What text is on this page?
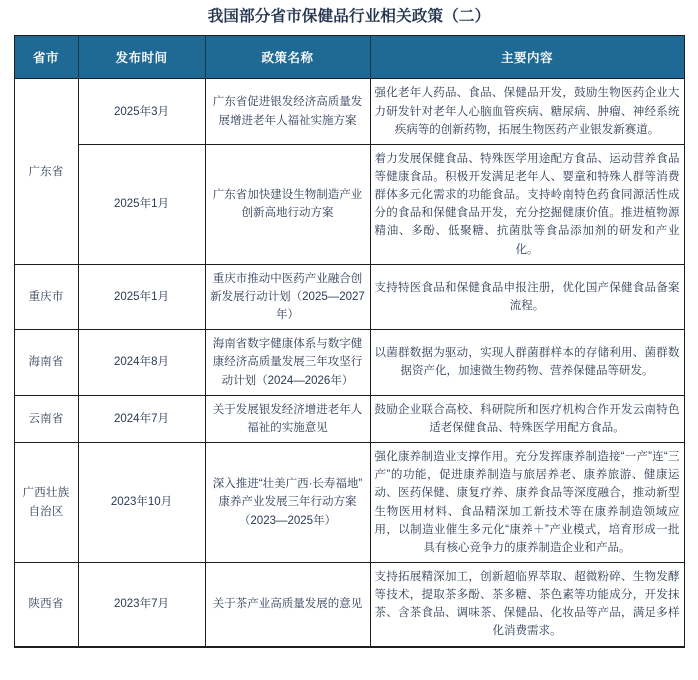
我国部分省市保健品行业相关政策（二）
省市	发布时间	政策名称	主要内容
广东省	2025年3月	广东省促进银发经济高质量发展增进老年人福祉实施方案	强化老年人药品、食品、保健品开发，鼓励生物医药企业大力研发针对老年人心脑血管疾病、糖尿病、肿瘤、神经系统疾病等的创新药物，拓展生物医药产业银发新赛道。
	2025年1月	广东省加快建设生物制造产业创新高地行动方案	着力发展保健食品、特殊医学用途配方食品、运动营养食品等健康食品。积极开发满足老年人、婴童和特殊人群等消费群体多元化需求的功能食品。支持岭南特色药食同源活性成分的食品和保健食品开发，充分挖掘健康价值。推进植物源精油、多酚、低聚糖、抗菌肽等食品添加剂的研发和产业化。
重庆市	2025年1月	重庆市推动中医药产业融合创新发展行动计划（2025—2027年）	支持特医食品和保健食品申报注册，优化国产保健食品备案流程。
海南省	2024年8月	海南省数字健康体系与数字健康经济高质量发展三年攻坚行动计划（2024—2026年）	以菌群数据为驱动，实现人群菌群样本的存储利用、菌群数据资产化，加速微生物药物、营养保健品等研发。
云南省	2024年7月	关于发展银发经济增进老年人福祉的实施意见	鼓励企业联合高校、科研院所和医疗机构合作开发云南特色适老保健食品、特殊医学用配方食品。
广西壮族自治区	2023年10月	深入推进“壮美广西·长寿福地”康养产业发展三年行动方案（2023—2025年）	强化康养制造业支撑作用。充分发挥康养制造接“一产”连“三产”的功能，促进康养制造与旅居养老、康养旅游、健康运动、医药保健、康复疗养、康养食品等深度融合，推动新型生物医用材料、食品精深加工新技术等在康养制造领域应用，以制造业催生多元化“康养＋”产业模式，培育形成一批具有核心竞争力的康养制造企业和产品。
陕西省	2023年7月	关于茶产业高质量发展的意见	支持拓展精深加工，创新超临界萃取、超微粉碎、生物发酵等技术，提取茶多酚、茶多糖、茶色素等功能成分，开发抹茶、含茶食品、调味茶、保健品、化妆品等产品，满足多样化消费需求。
